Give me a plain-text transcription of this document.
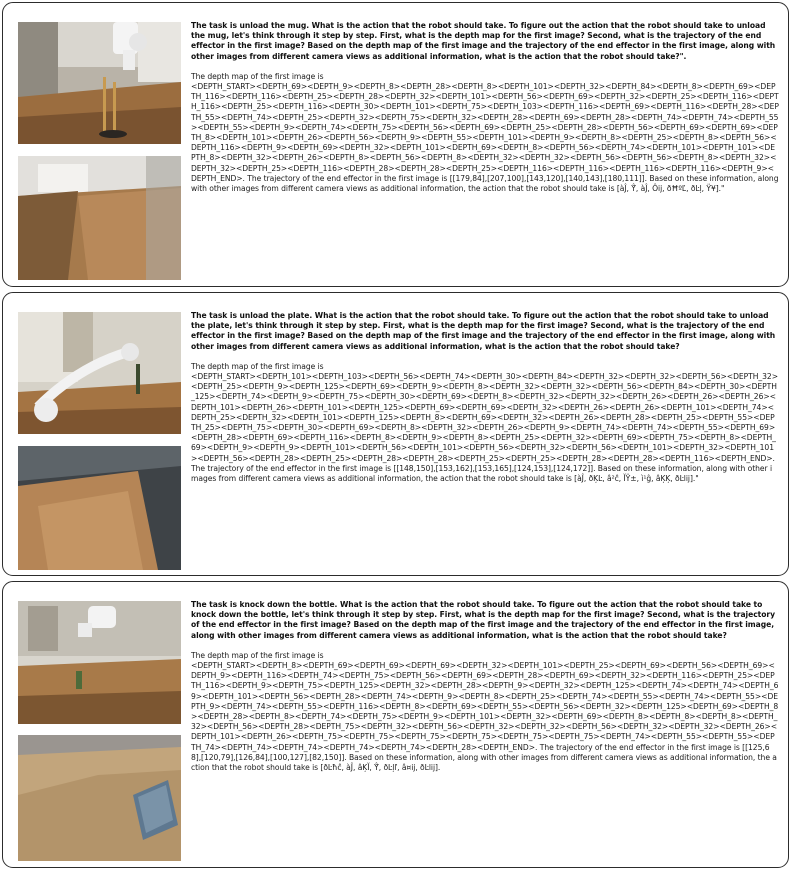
The task is unload the mug. What is the action that the robot should take. To figure out the action that the robot should take to unload the mug, let's think through it step by step. First, what is the depth map for the first image? Second, what is the trajectory of the end effector in the first image? Based on the depth map of the first image and the trajectory of the end effector in the first image, along with other images from different camera views as additional information, what is the action that the robot should take?".

The depth map of the first image is
<DEPTH_START><DEPTH_69><DEPTH_9><DEPTH_8><DEPTH_28><DEPTH_8><DEPTH_101><DEPTH_32><DEPTH_84><DEPTH_8><DEPTH_69><DEPTH_116><DEPTH_116><DEPTH_25><DEPTH_28><DEPTH_32><DEPTH_101><DEPTH_56><DEPTH_69><DEPTH_32><DEPTH_25><DEPTH_116><DEPTH_116><DEPTH_25><DEPTH_116><DEPTH_30><DEPTH_101><DEPTH_75><DEPTH_103><DEPTH_116><DEPTH_69><DEPTH_116><DEPTH_28><DEPTH_55><DEPTH_74><DEPTH_25><DEPTH_32><DEPTH_75><DEPTH_32><DEPTH_28><DEPTH_69><DEPTH_28><DEPTH_74><DEPTH_74><DEPTH_55><DEPTH_55><DEPTH_9><DEPTH_74><DEPTH_75><DEPTH_56><DEPTH_69><DEPTH_25><DEPTH_28><DEPTH_56><DEPTH_69><DEPTH_69><DEPTH_8><DEPTH_101><DEPTH_26><DEPTH_56><DEPTH_9><DEPTH_55><DEPTH_101><DEPTH_9><DEPTH_8><DEPTH_25><DEPTH_8><DEPTH_56><DEPTH_116><DEPTH_9><DEPTH_69><DEPTH_32><DEPTH_101><DEPTH_69><DEPTH_8><DEPTH_56><DEPTH_74><DEPTH_101><DEPTH_101><DEPTH_8><DEPTH_32><DEPTH_26><DEPTH_8><DEPTH_56><DEPTH_8><DEPTH_32><DEPTH_32><DEPTH_56><DEPTH_56><DEPTH_8><DEPTH_32><DEPTH_32><DEPTH_25><DEPTH_116><DEPTH_28><DEPTH_28><DEPTH_25><DEPTH_116><DEPTH_116><DEPTH_116><DEPTH_116><DEPTH_9><DEPTH_END>. The trajectory of the end effector in the first image is [[179,84],[207,100],[143,120],[140,143],[180,111]]. Based on these information, along with other images from different camera views as additional information, the action that the robot should take is [àĴ, Ŷ̌, àĴ, Ôij, ðĦºĽ, ðĿļ, Ÿ¥]."

The task is unload the plate. What is the action that the robot should take. To figure out the action that the robot should take to unload the plate, let's think through it step by step. First, what is the depth map for the first image? Second, what is the trajectory of the end effector in the first image? Based on the depth map of the first image and the trajectory of the end effector in the first image, along with other images from different camera views as additional information, what is the action that the robot should take?

The depth map of the first image is
<DEPTH_START><DEPTH_101><DEPTH_103><DEPTH_56><DEPTH_74><DEPTH_30><DEPTH_84><DEPTH_32><DEPTH_32><DEPTH_56><DEPTH_32><DEPTH_25><DEPTH_9><DEPTH_125><DEPTH_69><DEPTH_9><DEPTH_8><DEPTH_32><DEPTH_32><DEPTH_56><DEPTH_84><DEPTH_30><DEPTH_125><DEPTH_74><DEPTH_9><DEPTH_75><DEPTH_30><DEPTH_69><DEPTH_8><DEPTH_32><DEPTH_32><DEPTH_26><DEPTH_26><DEPTH_26><DEPTH_101><DEPTH_26><DEPTH_101><DEPTH_125><DEPTH_69><DEPTH_69><DEPTH_32><DEPTH_26><DEPTH_26><DEPTH_101><DEPTH_74><DEPTH_25><DEPTH_32><DEPTH_101><DEPTH_125><DEPTH_8><DEPTH_69><DEPTH_32><DEPTH_26><DEPTH_28><DEPTH_25><DEPTH_55><DEPTH_25><DEPTH_75><DEPTH_30><DEPTH_69><DEPTH_8><DEPTH_32><DEPTH_26><DEPTH_9><DEPTH_74><DEPTH_74><DEPTH_55><DEPTH_69><DEPTH_28><DEPTH_69><DEPTH_116><DEPTH_8><DEPTH_9><DEPTH_8><DEPTH_25><DEPTH_32><DEPTH_69><DEPTH_75><DEPTH_8><DEPTH_69><DEPTH_9><DEPTH_9><DEPTH_101><DEPTH_56><DEPTH_101><DEPTH_56><DEPTH_32><DEPTH_56><DEPTH_101><DEPTH_32><DEPTH_101><DEPTH_56><DEPTH_28><DEPTH_25><DEPTH_28><DEPTH_28><DEPTH_25><DEPTH_25><DEPTH_28><DEPTH_28><DEPTH_116><DEPTH_END>. The trajectory of the end effector in the first image is [[148,150],[153,162],[153,165],[124,153],[124,172]]. Based on these information, along with other images from different camera views as additional information, the action that the robot should take is [àĴ, ðĶĿ, â²ĉ, ĬŸ±, ì¹ĝ, âĶĶ, ðĿlij]."

The task is knock down the bottle. What is the action that the robot should take. To figure out the action that the robot should take to knock down the bottle, let's think through it step by step. First, what is the depth map for the first image? Second, what is the trajectory of the end effector in the first image? Based on the depth map of the first image and the trajectory of the end effector in the first image, along with other images from different camera views as additional information, what is the action that the robot should take?

The depth map of the first image is
<DEPTH_START><DEPTH_8><DEPTH_69><DEPTH_69><DEPTH_69><DEPTH_32><DEPTH_101><DEPTH_25><DEPTH_69><DEPTH_56><DEPTH_69><DEPTH_9><DEPTH_116><DEPTH_74><DEPTH_75><DEPTH_56><DEPTH_69><DEPTH_28><DEPTH_69><DEPTH_32><DEPTH_116><DEPTH_25><DEPTH_116><DEPTH_9><DEPTH_75><DEPTH_125><DEPTH_32><DEPTH_28><DEPTH_9><DEPTH_32><DEPTH_125><DEPTH_74><DEPTH_74><DEPTH_69><DEPTH_101><DEPTH_56><DEPTH_28><DEPTH_74><DEPTH_9><DEPTH_8><DEPTH_25><DEPTH_74><DEPTH_55><DEPTH_74><DEPTH_55><DEPTH_9><DEPTH_74><DEPTH_55><DEPTH_116><DEPTH_8><DEPTH_69><DEPTH_55><DEPTH_56><DEPTH_32><DEPTH_125><DEPTH_69><DEPTH_8><DEPTH_28><DEPTH_8><DEPTH_74><DEPTH_75><DEPTH_9><DEPTH_101><DEPTH_32><DEPTH_69><DEPTH_8><DEPTH_8><DEPTH_8><DEPTH_32><DEPTH_56><DEPTH_28><DEPTH_75><DEPTH_32><DEPTH_56><DEPTH_32><DEPTH_32><DEPTH_56><DEPTH_32><DEPTH_32><DEPTH_26><DEPTH_101><DEPTH_26><DEPTH_75><DEPTH_75><DEPTH_75><DEPTH_75><DEPTH_75><DEPTH_75><DEPTH_74><DEPTH_55><DEPTH_55><DEPTH_74><DEPTH_74><DEPTH_74><DEPTH_74><DEPTH_74><DEPTH_28><DEPTH_END>. The trajectory of the end effector in the first image is [[125,68],[120,79],[126,84],[100,127],[82,150]]. Based on these information, along with other images from different camera views as additional information, the action that the robot should take is [ðĿħĉ, àĴ, âĶĬ, Ŷ̌, ðĿļľ, â¤ij, ðĿlij].
